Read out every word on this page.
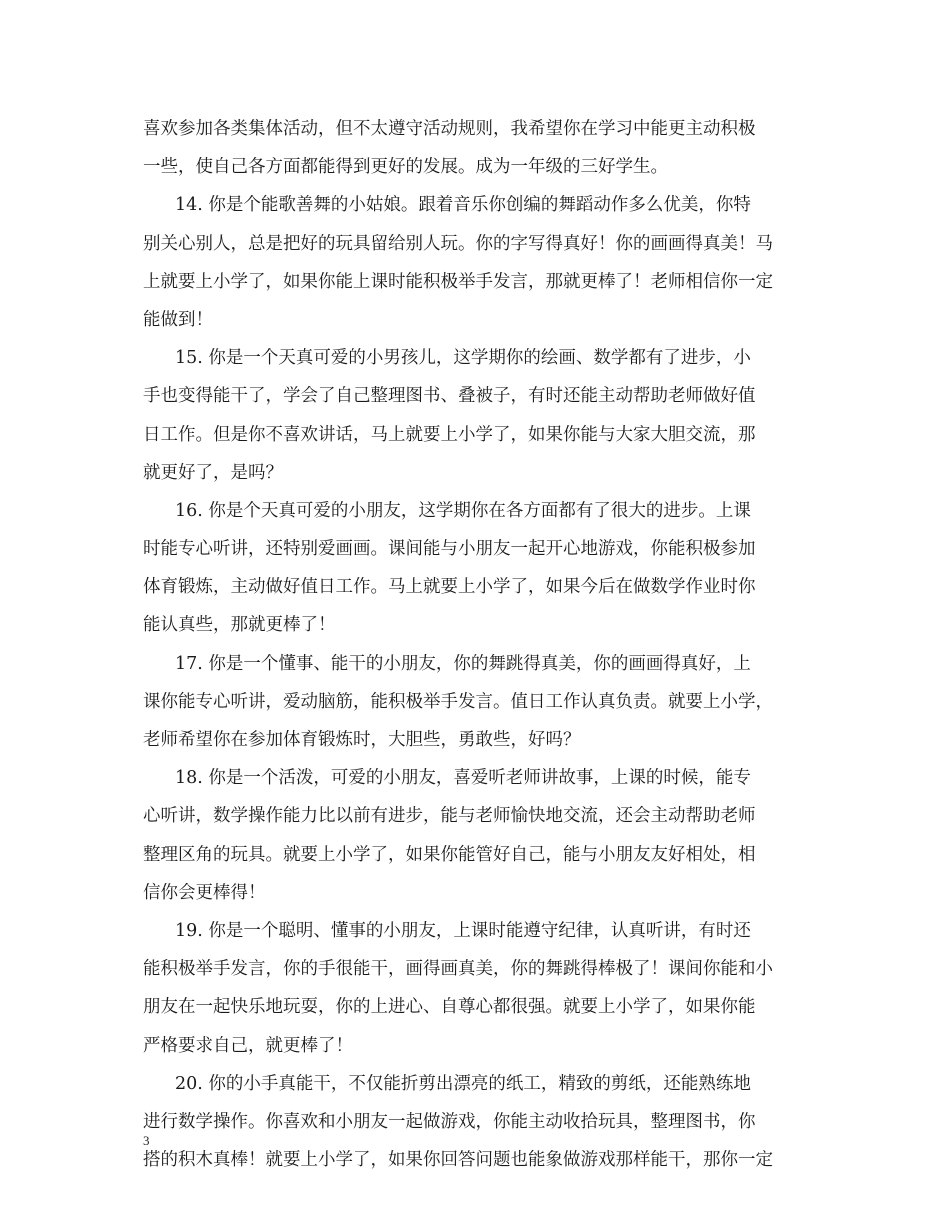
喜欢参加各类集体活动，但不太遵守活动规则，我希望你在学习中能更主动积极
一些，使自己各方面都能得到更好的发展。成为一年级的三好学生。
14. 你是个能歌善舞的小姑娘。跟着音乐你创编的舞蹈动作多么优美，你特
别关心别人，总是把好的玩具留给别人玩。你的字写得真好！你的画画得真美！马
上就要上小学了，如果你能上课时能积极举手发言，那就更棒了！老师相信你一定
能做到！
15. 你是一个天真可爱的小男孩儿，这学期你的绘画、数学都有了进步，小
手也变得能干了，学会了自己整理图书、叠被子，有时还能主动帮助老师做好值
日工作。但是你不喜欢讲话，马上就要上小学了，如果你能与大家大胆交流，那
就更好了，是吗？
16. 你是个天真可爱的小朋友，这学期你在各方面都有了很大的进步。上课
时能专心听讲，还特别爱画画。课间能与小朋友一起开心地游戏，你能积极参加
体育锻炼，主动做好值日工作。马上就要上小学了，如果今后在做数学作业时你
能认真些，那就更棒了！
17. 你是一个懂事、能干的小朋友，你的舞跳得真美，你的画画得真好，上
课你能专心听讲，爱动脑筋，能积极举手发言。值日工作认真负责。就要上小学，
老师希望你在参加体育锻炼时，大胆些，勇敢些，好吗？
18. 你是一个活泼，可爱的小朋友，喜爱听老师讲故事，上课的时候，能专
心听讲，数学操作能力比以前有进步，能与老师愉快地交流，还会主动帮助老师
整理区角的玩具。就要上小学了，如果你能管好自己，能与小朋友友好相处，相
信你会更棒得！
19. 你是一个聪明、懂事的小朋友，上课时能遵守纪律，认真听讲，有时还
能积极举手发言，你的手很能干，画得画真美，你的舞跳得棒极了！课间你能和小
朋友在一起快乐地玩耍，你的上进心、自尊心都很强。就要上小学了，如果你能
严格要求自己，就更棒了！
20. 你的小手真能干，不仅能折剪出漂亮的纸工，精致的剪纸，还能熟练地
进行数学操作。你喜欢和小朋友一起做游戏，你能主动收拾玩具，整理图书，你
搭的积木真棒！就要上小学了，如果你回答问题也能象做游戏那样能干，那你一定
3
